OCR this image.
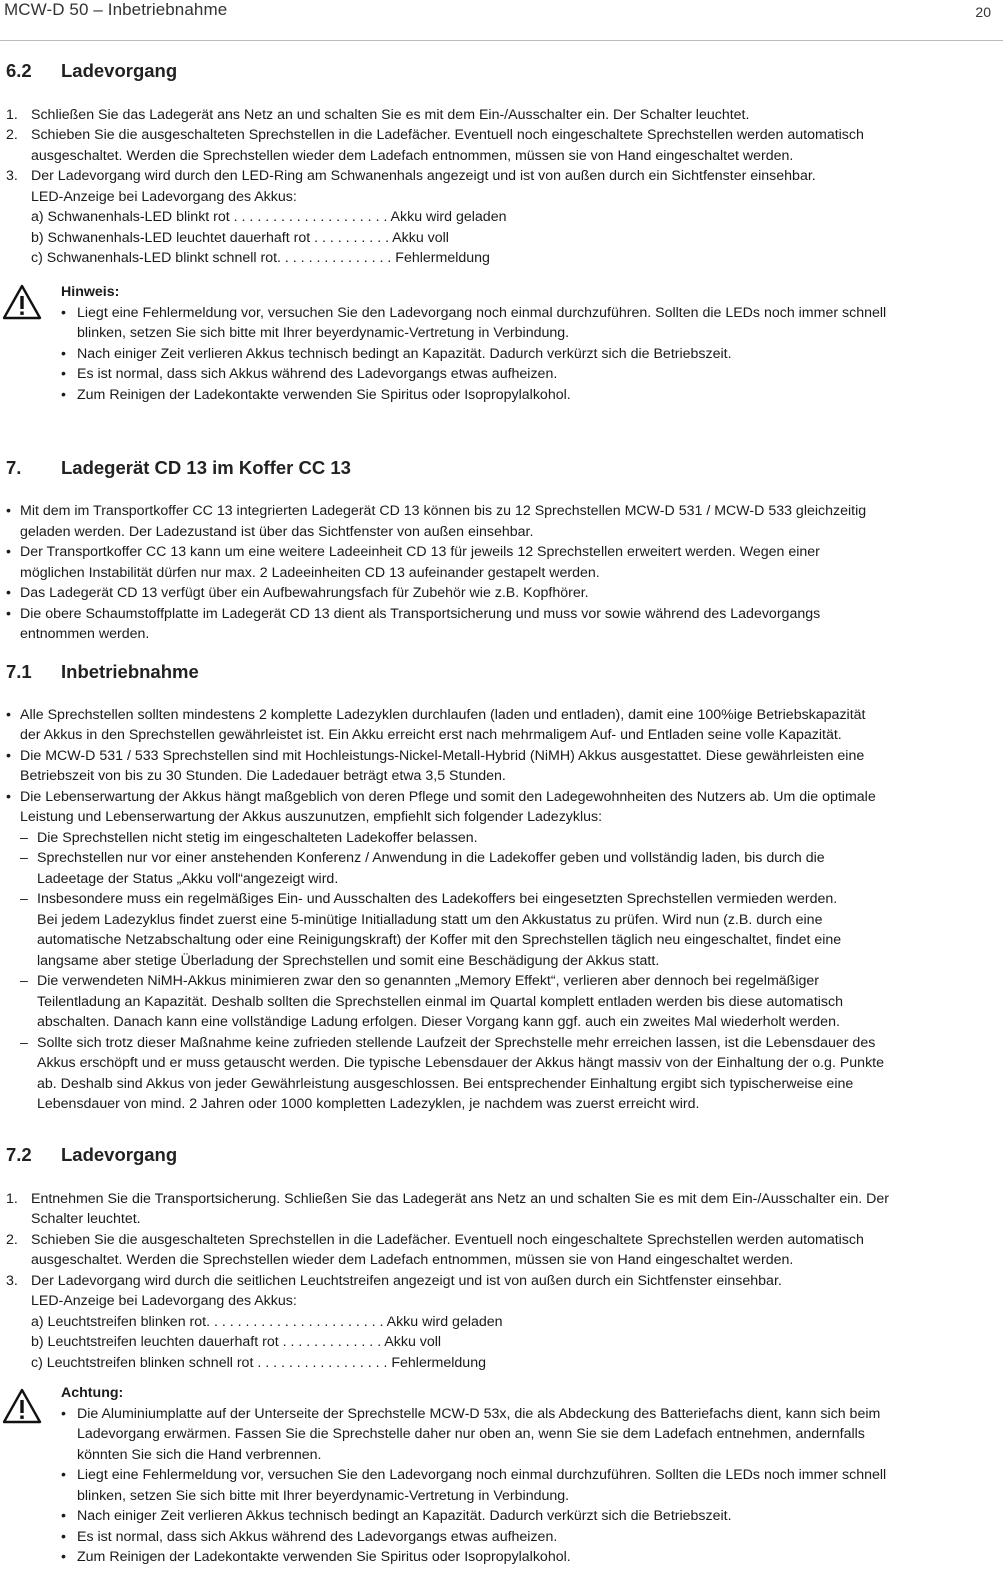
MCW-D 50 – Inbetriebnahme	20
6.2 Ladevorgang
1. Schließen Sie das Ladegerät ans Netz an und schalten Sie es mit dem Ein-/Ausschalter ein. Der Schalter leuchtet.
2. Schieben Sie die ausgeschalteten Sprechstellen in die Ladefächer. Eventuell noch eingeschaltete Sprechstellen werden automatisch
ausgeschaltet. Werden die Sprechstellen wieder dem Ladefach entnommen, müssen sie von Hand eingeschaltet werden.
3. Der Ladevorgang wird durch den LED-Ring am Schwanenhals angezeigt und ist von außen durch ein Sichtfenster einsehbar.
LED-Anzeige bei Ladevorgang des Akkus:
a) Schwanenhals-LED blinkt rot . . . . . . . . . . . . . . . . . . . . Akku wird geladen
b) Schwanenhals-LED leuchtet dauerhaft rot . . . . . . . . . . Akku voll
c) Schwanenhals-LED blinkt schnell rot. . . . . . . . . . . . . . . Fehlermeldung
Hinweis:
• Liegt eine Fehlermeldung vor, versuchen Sie den Ladevorgang noch einmal durchzuführen. Sollten die LEDs noch immer schnell
blinken, setzen Sie sich bitte mit Ihrer beyerdynamic-Vertretung in Verbindung.
• Nach einiger Zeit verlieren Akkus technisch bedingt an Kapazität. Dadurch verkürzt sich die Betriebszeit.
• Es ist normal, dass sich Akkus während des Ladevorgangs etwas aufheizen.
• Zum Reinigen der Ladekontakte verwenden Sie Spiritus oder Isopropylalkohol.
7. Ladegerät CD 13 im Koffer CC 13
• Mit dem im Transportkoffer CC 13 integrierten Ladegerät CD 13 können bis zu 12 Sprechstellen MCW-D 531 / MCW-D 533 gleichzeitig
geladen werden. Der Ladezustand ist über das Sichtfenster von außen einsehbar.
• Der Transportkoffer CC 13 kann um eine weitere Ladeeinheit CD 13 für jeweils 12 Sprechstellen erweitert werden. Wegen einer
möglichen Instabilität dürfen nur max. 2 Ladeeinheiten CD 13 aufeinander gestapelt werden.
• Das Ladegerät CD 13 verfügt über ein Aufbewahrungsfach für Zubehör wie z.B. Kopfhörer.
• Die obere Schaumstoffplatte im Ladegerät CD 13 dient als Transportsicherung und muss vor sowie während des Ladevorgangs
entnommen werden.
7.1 Inbetriebnahme
• Alle Sprechstellen sollten mindestens 2 komplette Ladezyklen durchlaufen (laden und entladen), damit eine 100%ige Betriebskapazität
der Akkus in den Sprechstellen gewährleistet ist. Ein Akku erreicht erst nach mehrmaligem Auf- und Entladen seine volle Kapazität.
• Die MCW-D 531 / 533 Sprechstellen sind mit Hochleistungs-Nickel-Metall-Hybrid (NiMH) Akkus ausgestattet. Diese gewährleisten eine
Betriebszeit von bis zu 30 Stunden. Die Ladedauer beträgt etwa 3,5 Stunden.
• Die Lebenserwartung der Akkus hängt maßgeblich von deren Pflege und somit den Ladegewohnheiten des Nutzers ab. Um die optimale
Leistung und Lebenserwartung der Akkus auszunutzen, empfiehlt sich folgender Ladezyklus:
– Die Sprechstellen nicht stetig im eingeschalteten Ladekoffer belassen.
– Sprechstellen nur vor einer anstehenden Konferenz / Anwendung in die Ladekoffer geben und vollständig laden, bis durch die
Ladeetage der Status „Akku voll“angezeigt wird.
– Insbesondere muss ein regelmäßiges Ein- und Ausschalten des Ladekoffers bei eingesetzten Sprechstellen vermieden werden.
Bei jedem Ladezyklus findet zuerst eine 5-minütige Initialladung statt um den Akkustatus zu prüfen. Wird nun (z.B. durch eine
automatische Netzabschaltung oder eine Reinigungskraft) der Koffer mit den Sprechstellen täglich neu eingeschaltet, findet eine
langsame aber stetige Überladung der Sprechstellen und somit eine Beschädigung der Akkus statt.
– Die verwendeten NiMH-Akkus minimieren zwar den so genannten „Memory Effekt“, verlieren aber dennoch bei regelmäßiger
Teilentladung an Kapazität. Deshalb sollten die Sprechstellen einmal im Quartal komplett entladen werden bis diese automatisch
abschalten. Danach kann eine vollständige Ladung erfolgen. Dieser Vorgang kann ggf. auch ein zweites Mal wiederholt werden.
– Sollte sich trotz dieser Maßnahme keine zufrieden stellende Laufzeit der Sprechstelle mehr erreichen lassen, ist die Lebensdauer des
Akkus erschöpft und er muss getauscht werden. Die typische Lebensdauer der Akkus hängt massiv von der Einhaltung der o.g. Punkte
ab. Deshalb sind Akkus von jeder Gewährleistung ausgeschlossen. Bei entsprechender Einhaltung ergibt sich typischerweise eine
Lebensdauer von mind. 2 Jahren oder 1000 kompletten Ladezyklen, je nachdem was zuerst erreicht wird.
7.2 Ladevorgang
1. Entnehmen Sie die Transportsicherung. Schließen Sie das Ladegerät ans Netz an und schalten Sie es mit dem Ein-/Ausschalter ein. Der
Schalter leuchtet.
2. Schieben Sie die ausgeschalteten Sprechstellen in die Ladefächer. Eventuell noch eingeschaltete Sprechstellen werden automatisch
ausgeschaltet. Werden die Sprechstellen wieder dem Ladefach entnommen, müssen sie von Hand eingeschaltet werden.
3. Der Ladevorgang wird durch die seitlichen Leuchtstreifen angezeigt und ist von außen durch ein Sichtfenster einsehbar.
LED-Anzeige bei Ladevorgang des Akkus:
a) Leuchtstreifen blinken rot. . . . . . . . . . . . . . . . . . . . . . . Akku wird geladen
b) Leuchtstreifen leuchten dauerhaft rot . . . . . . . . . . . . . Akku voll
c) Leuchtstreifen blinken schnell rot . . . . . . . . . . . . . . . . . Fehlermeldung
Achtung:
• Die Aluminiumplatte auf der Unterseite der Sprechstelle MCW-D 53x, die als Abdeckung des Batteriefachs dient, kann sich beim
Ladevorgang erwärmen. Fassen Sie die Sprechstelle daher nur oben an, wenn Sie sie dem Ladefach entnehmen, andernfalls
könnten Sie sich die Hand verbrennen.
• Liegt eine Fehlermeldung vor, versuchen Sie den Ladevorgang noch einmal durchzuführen. Sollten die LEDs noch immer schnell
blinken, setzen Sie sich bitte mit Ihrer beyerdynamic-Vertretung in Verbindung.
• Nach einiger Zeit verlieren Akkus technisch bedingt an Kapazität. Dadurch verkürzt sich die Betriebszeit.
• Es ist normal, dass sich Akkus während des Ladevorgangs etwas aufheizen.
• Zum Reinigen der Ladekontakte verwenden Sie Spiritus oder Isopropylalkohol.
